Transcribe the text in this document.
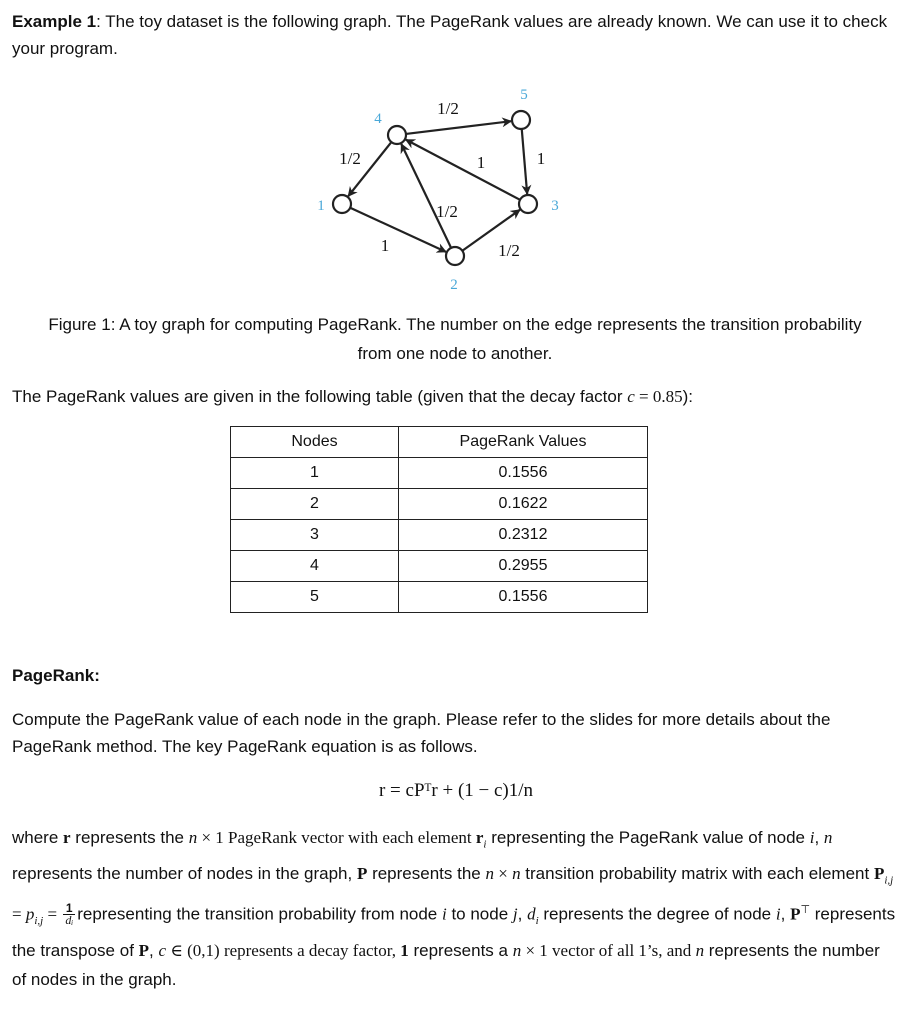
Example 1: The toy dataset is the following graph. The PageRank values are already known. We can use it to check your program.
1/2
1/2	1	1
1/2
1	1/2
1
2
3
4
5
Figure 1: A toy graph for computing PageRank. The number on the edge represents the transition probability from one node to another.
The PageRank values are given in the following table (given that the decay factor c = 0.85):
Nodes	PageRank Values
1	0.1556
2	0.1622
3	0.2312
4	0.2955
5	0.1556
PageRank:
Compute the PageRank value of each node in the graph. Please refer to the slides for more details about the PageRank method. The key PageRank equation is as follows.
r = cPᵀr + (1 − c)1/n
where r represents the n × 1 PageRank vector with each element $r_i$ representing the PageRank value of node i, n represents the number of nodes in the graph, P represents the n × n transition probability matrix with each element $P_{i,j} = p_{i,j} = \frac{1}{\text{dᵢ}}$ representing the transition probability from node i to node j, $d_i$ represents the degree of node i, P⊤ represents the transpose of P, c ∈ (0,1) represents a decay factor, 1 represents a n × 1 vector of all 1’s, and n represents the number of nodes in the graph.
